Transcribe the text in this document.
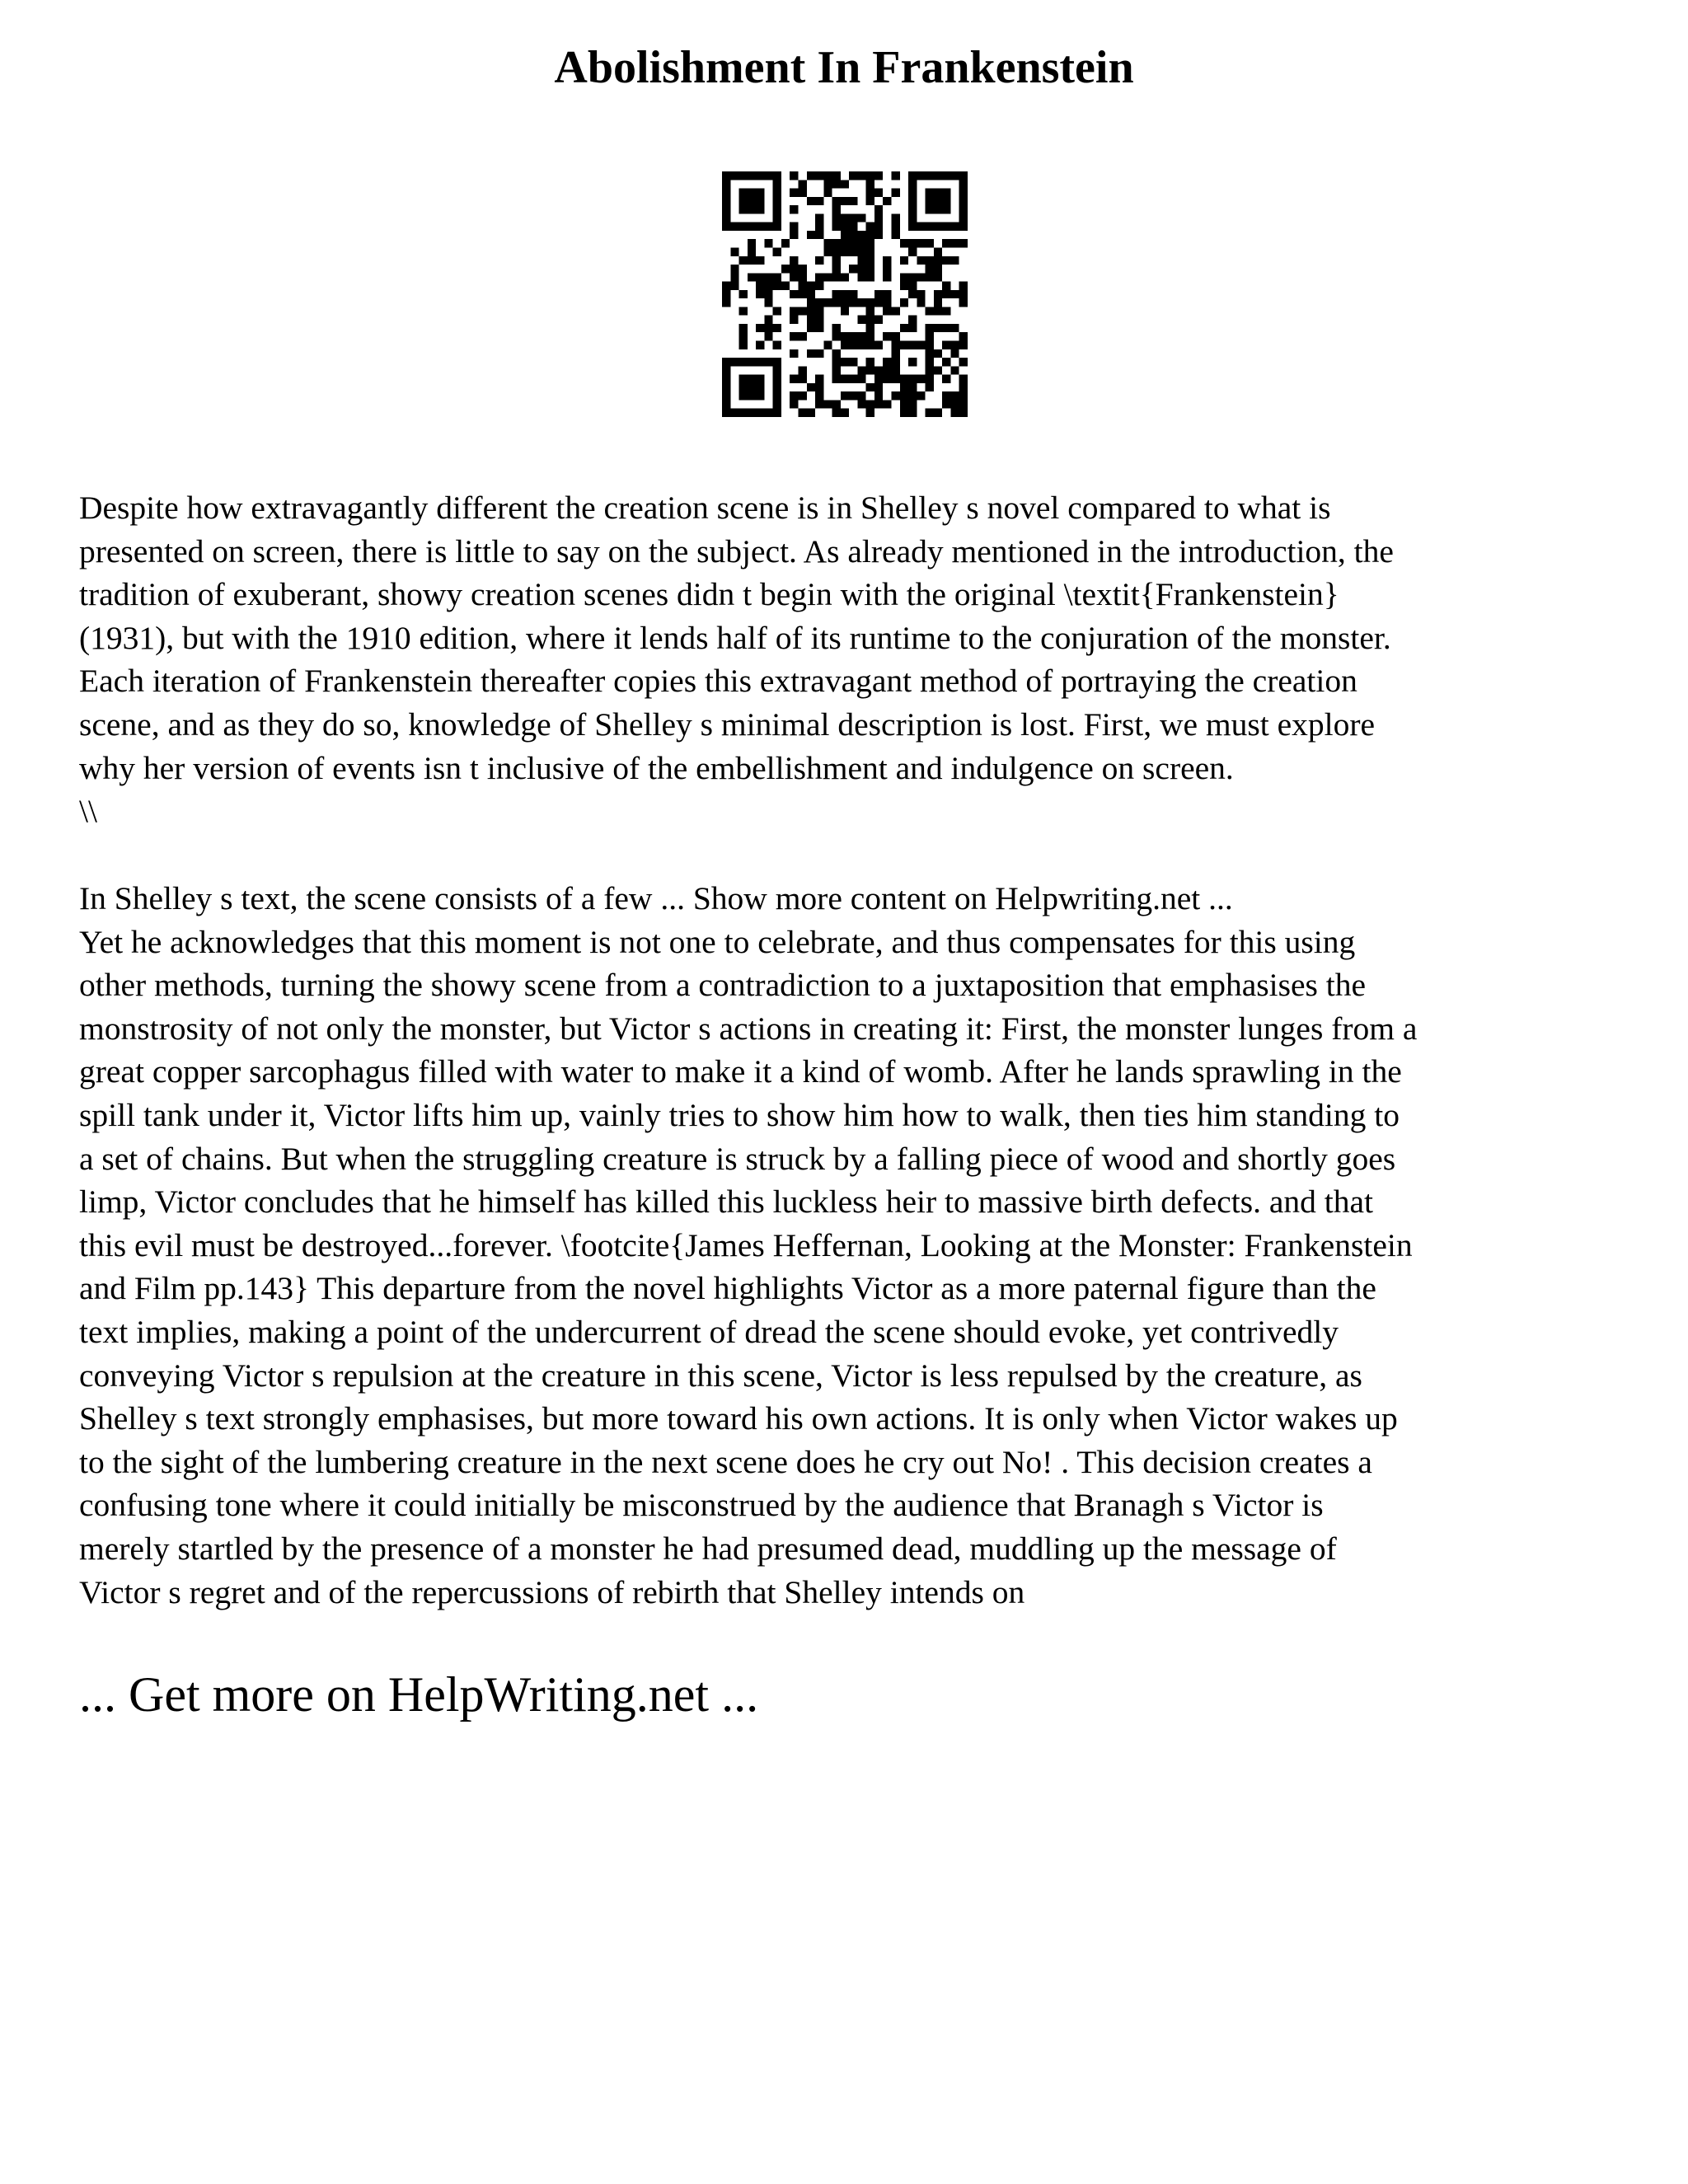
Abolishment In Frankenstein

Despite how extravagantly different the creation scene is in Shelley s novel compared to what is
presented on screen, there is little to say on the subject. As already mentioned in the introduction, the
tradition of exuberant, showy creation scenes didn t begin with the original \textit{Frankenstein}
(1931), but with the 1910 edition, where it lends half of its runtime to the conjuration of the monster.
Each iteration of Frankenstein thereafter copies this extravagant method of portraying the creation
scene, and as they do so, knowledge of Shelley s minimal description is lost. First, we must explore
why her version of events isn t inclusive of the embellishment and indulgence on screen.
\\

In Shelley s text, the scene consists of a few ... Show more content on Helpwriting.net ...
Yet he acknowledges that this moment is not one to celebrate, and thus compensates for this using
other methods, turning the showy scene from a contradiction to a juxtaposition that emphasises the
monstrosity of not only the monster, but Victor s actions in creating it: First, the monster lunges from a
great copper sarcophagus filled with water to make it a kind of womb. After he lands sprawling in the
spill tank under it, Victor lifts him up, vainly tries to show him how to walk, then ties him standing to
a set of chains. But when the struggling creature is struck by a falling piece of wood and shortly goes
limp, Victor concludes that he himself has killed this luckless heir to massive birth defects. and that
this evil must be destroyed...forever. \footcite{James Heffernan, Looking at the Monster: Frankenstein
and Film pp.143} This departure from the novel highlights Victor as a more paternal figure than the
text implies, making a point of the undercurrent of dread the scene should evoke, yet contrivedly
conveying Victor s repulsion at the creature in this scene, Victor is less repulsed by the creature, as
Shelley s text strongly emphasises, but more toward his own actions. It is only when Victor wakes up
to the sight of the lumbering creature in the next scene does he cry out No! . This decision creates a
confusing tone where it could initially be misconstrued by the audience that Branagh s Victor is
merely startled by the presence of a monster he had presumed dead, muddling up the message of
Victor s regret and of the repercussions of rebirth that Shelley intends on

... Get more on HelpWriting.net ...
